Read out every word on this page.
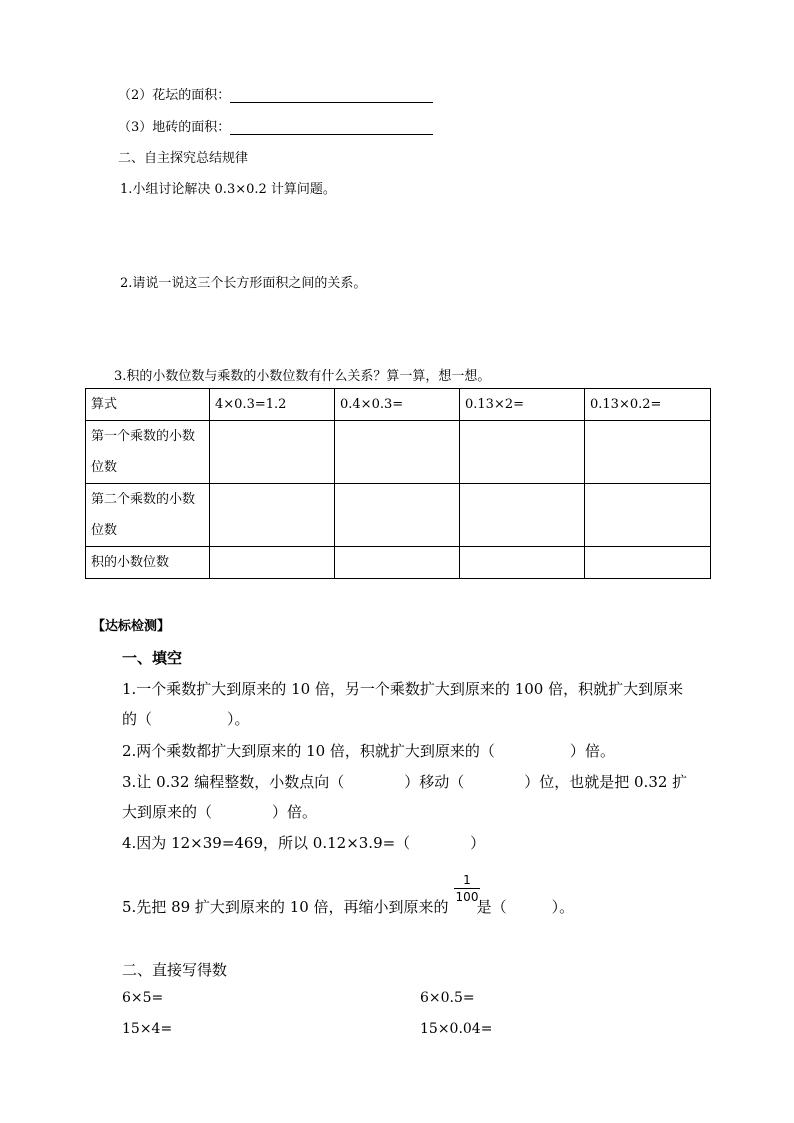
（2）花坛的面积：
（3）地砖的面积：
二、自主探究总结规律
1.小组讨论解决 0.3×0.2 计算问题。
2.请说一说这三个长方形面积之间的关系。
3.积的小数位数与乘数的小数位数有什么关系？算一算，想一想。
算式	4×0.3=1.2	0.4×0.3=	0.13×2=	0.13×0.2=
第一个乘数的小数位数				
第二个乘数的小数位数				
积的小数位数				
【达标检测】
一、填空
1.一个乘数扩大到原来的 10 倍，另一个乘数扩大到原来的 100 倍，积就扩大到原来
的（　　　　　）。
2.两个乘数都扩大到原来的 10 倍，积就扩大到原来的（　　　　　）倍。
3.让 0.32 编程整数，小数点向（　　　　）移动（　　　　）位，也就是把 0.32 扩
大到原来的（　　　　）倍。
4.因为 12×39=469，所以 0.12×3.9=（　　　　）
5.先把 89 扩大到原来的 10 倍，再缩小到原来的 是（　　　）。
1
100
二、直接写得数
6×5=	6×0.5=
15×4=	15×0.04=
